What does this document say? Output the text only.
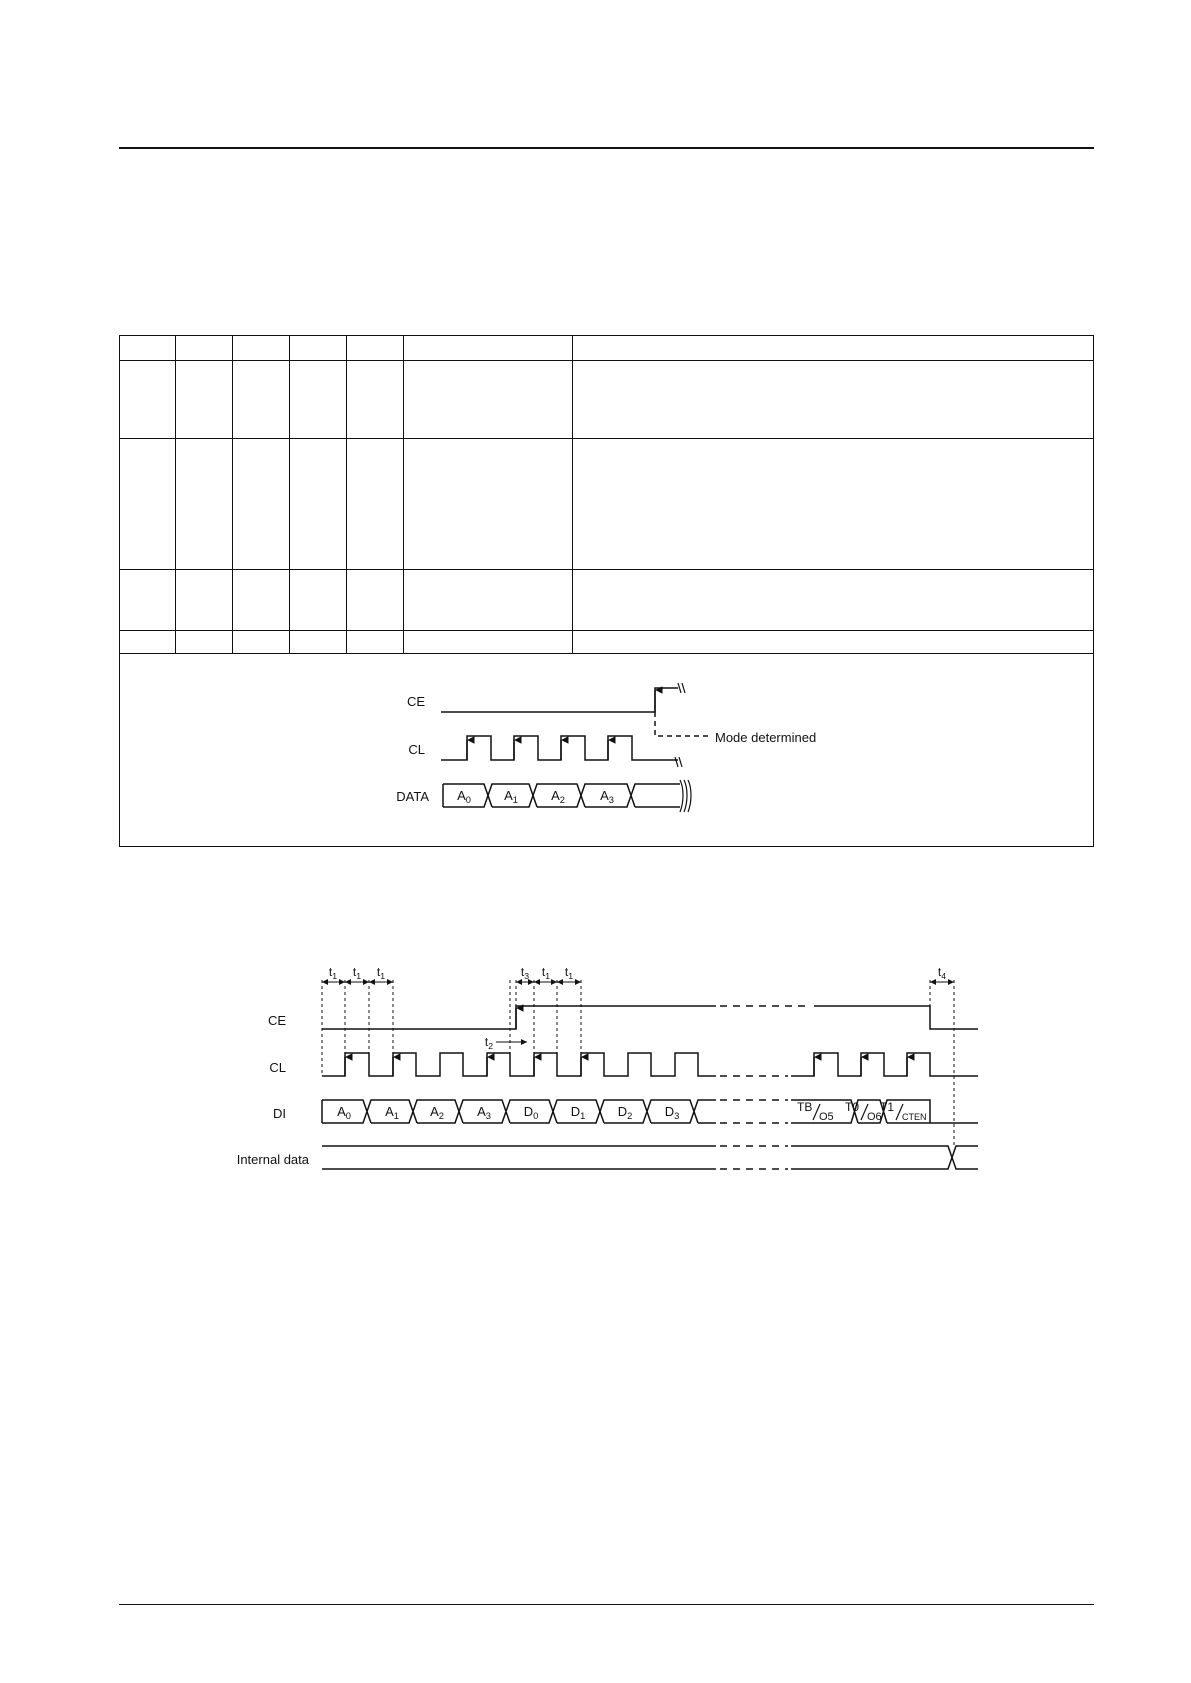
CE
CL
DATA
Mode determined
$A_0$	$A_1$	$A_2$	$A_3$
CE
CL
DI
Internal data
$A_0$	$A_1$ $A_2$	$A_3$	$D_0$ $D_1$ $D_2$ $D_3$
TB
O5
T0
O6
T1
CTEN
$t_1$ $t_1$ $t_1$	$t_3$ $t_1$ $t_1$	$t_4$
$t_2$
